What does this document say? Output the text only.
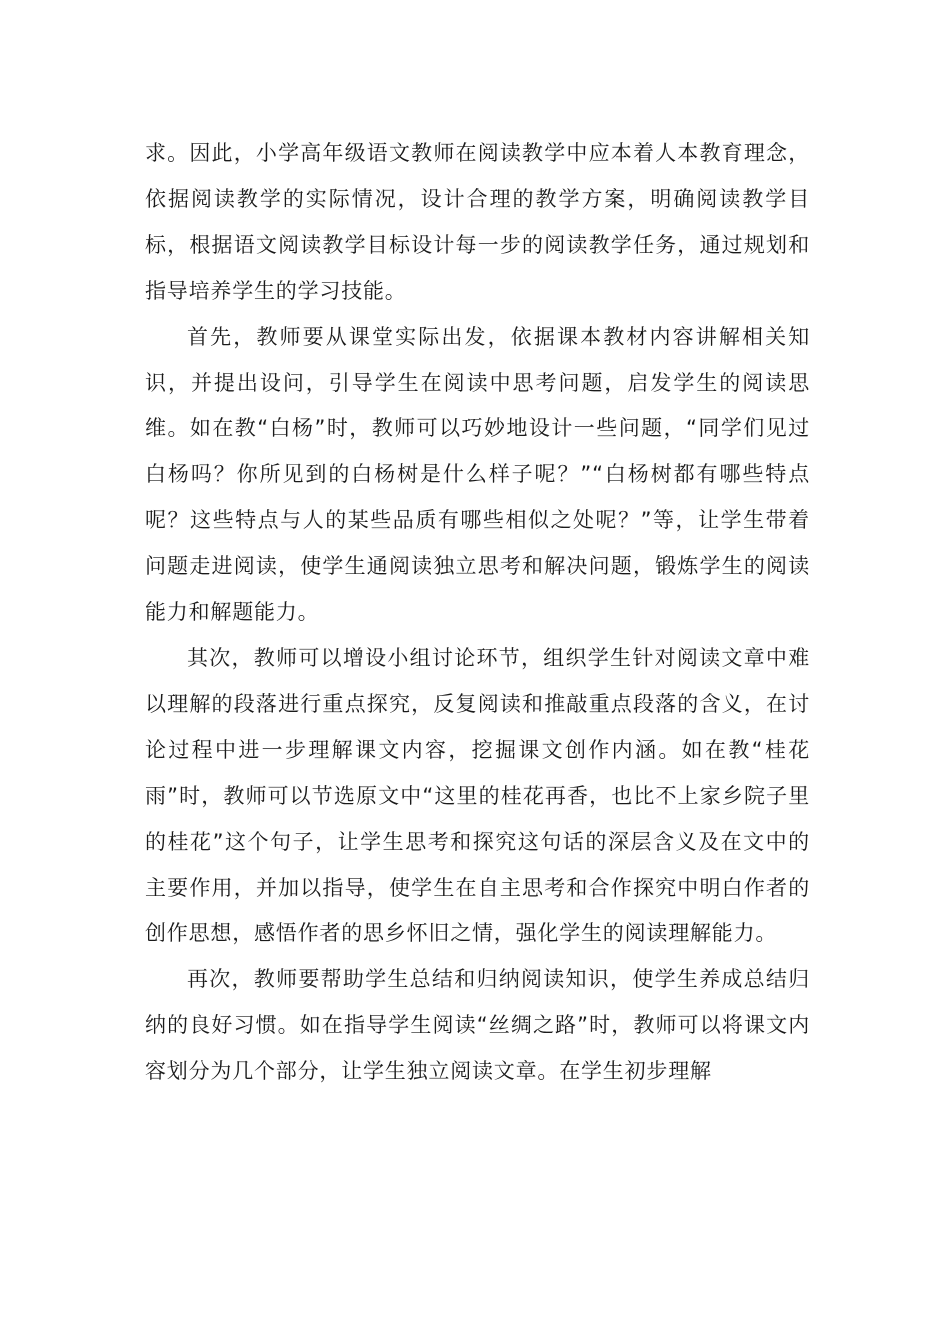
求。因此，小学高年级语文教师在阅读教学中应本着人本教育理念，依据阅读教学的实际情况，设计合理的教学方案，明确阅读教学目标，根据语文阅读教学目标设计每一步的阅读教学任务，通过规划和指导培养学生的学习技能。

首先，教师要从课堂实际出发，依据课本教材内容讲解相关知识，并提出设问，引导学生在阅读中思考问题，启发学生的阅读思维。如在教“白杨”时，教师可以巧妙地设计一些问题，“同学们见过白杨吗？你所见到的白杨树是什么样子呢？”“白杨树都有哪些特点呢？这些特点与人的某些品质有哪些相似之处呢？”等，让学生带着问题走进阅读，使学生通阅读独立思考和解决问题，锻炼学生的阅读能力和解题能力。

其次，教师可以增设小组讨论环节，组织学生针对阅读文章中难以理解的段落进行重点探究，反复阅读和推敲重点段落的含义，在讨论过程中进一步理解课文内容，挖掘课文创作内涵。如在教“桂花雨”时，教师可以节选原文中“这里的桂花再香，也比不上家乡院子里的桂花”这个句子，让学生思考和探究这句话的深层含义及在文中的主要作用，并加以指导，使学生在自主思考和合作探究中明白作者的创作思想，感悟作者的思乡怀旧之情，强化学生的阅读理解能力。

再次，教师要帮助学生总结和归纳阅读知识，使学生养成总结归纳的良好习惯。如在指导学生阅读“丝绸之路”时，教师可以将课文内容划分为几个部分，让学生独立阅读文章。在学生初步理解
